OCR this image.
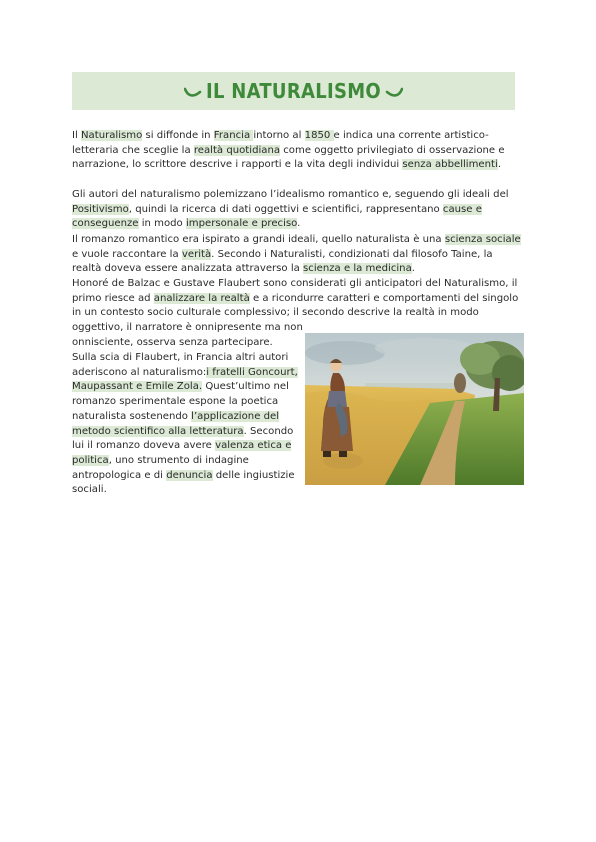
IL NATURALISMO

Il Naturalismo si diffonde in Francia intorno al 1850 e indica una corrente artistico-letteraria che sceglie la realtà quotidiana come oggetto privilegiato di osservazione e narrazione, lo scrittore descrive i rapporti e la vita degli individui senza abbellimenti.

Gli autori del naturalismo polemizzano l’idealismo romantico e, seguendo gli ideali del Positivismo, quindi la ricerca di dati oggettivi e scientifici, rappresentano cause e conseguenze in modo impersonale e preciso.

Il romanzo romantico era ispirato a grandi ideali, quello naturalista è una scienza sociale e vuole raccontare la verità. Secondo i Naturalisti, condizionati dal filosofo Taine, la realtà doveva essere analizzata attraverso la scienza e la medicina.

Honoré de Balzac e Gustave Flaubert sono considerati gli anticipatori del Naturalismo, il primo riesce ad analizzare la realtà e a ricondurre caratteri e comportamenti del singolo in un contesto socio culturale complessivo; il secondo descrive la realtà in modo oggettivo, il narratore è onnipresente ma non

onnisciente, osserva senza partecipare.

Sulla scia di Flaubert, in Francia altri autori aderiscono al naturalismo:i fratelli Goncourt, Maupassant e Emile Zola. Quest’ultimo nel romanzo sperimentale espone la poetica naturalista sostenendo l’applicazione del metodo scientifico alla letteratura. Secondo lui il romanzo doveva avere valenza etica e politica, uno strumento di indagine antropologica e di denuncia delle ingiustizie sociali.
